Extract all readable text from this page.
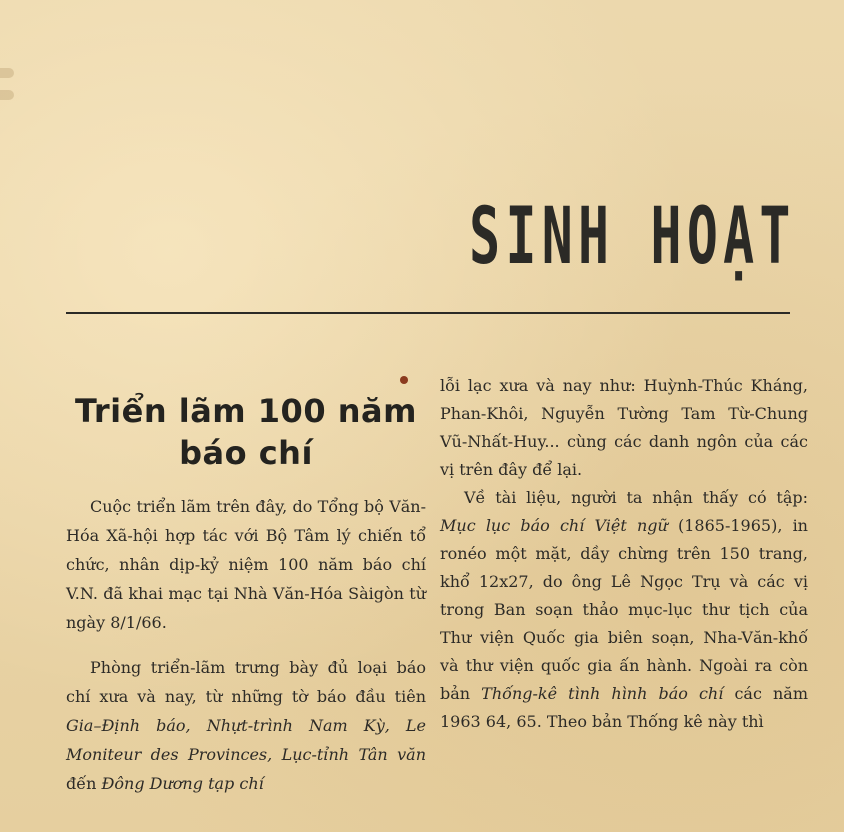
SINH HOẠT
Triển lãm 100 năm
báo chí

Cuộc triển lãm trên đây, do Tổng bộ Văn-Hóa Xã-hội hợp tác với Bộ Tâm lý chiến tổ chức, nhân dịp-kỷ niệm 100 năm báo chí V.N. đã khai mạc tại Nhà Văn-Hóa Sàigòn từ ngày 8/1/66.

Phòng triển-lãm trưng bày đủ loại báo chí xưa và nay, từ những tờ báo đầu tiên Gia–Định báo, Nhựt-trình Nam Kỳ, Le Moniteur des Provinces, Lục-tỉnh Tân văn đến Đông Dương tạp chí

lỗi lạc xưa và nay như: Huỳnh-Thúc Kháng, Phan-Khôi, Nguyễn Tường Tam Từ-Chung Vũ-Nhất-Huy... cùng các danh ngôn của các vị trên đây để lại.

Về tài liệu, người ta nhận thấy có tập: Mục lục báo chí Việt ngữ (1865-1965), in ronéo một mặt, dầy chừng trên 150 trang, khổ 12x27, do ông Lê Ngọc Trụ và các vị trong Ban soạn thảo mục-lục thư tịch của Thư viện Quốc gia biên soạn, Nha-Văn-khố và thư viện quốc gia ấn hành. Ngoài ra còn bản Thống-kê tình hình báo chí các năm 1963 64, 65. Theo bản Thống kê này thì
